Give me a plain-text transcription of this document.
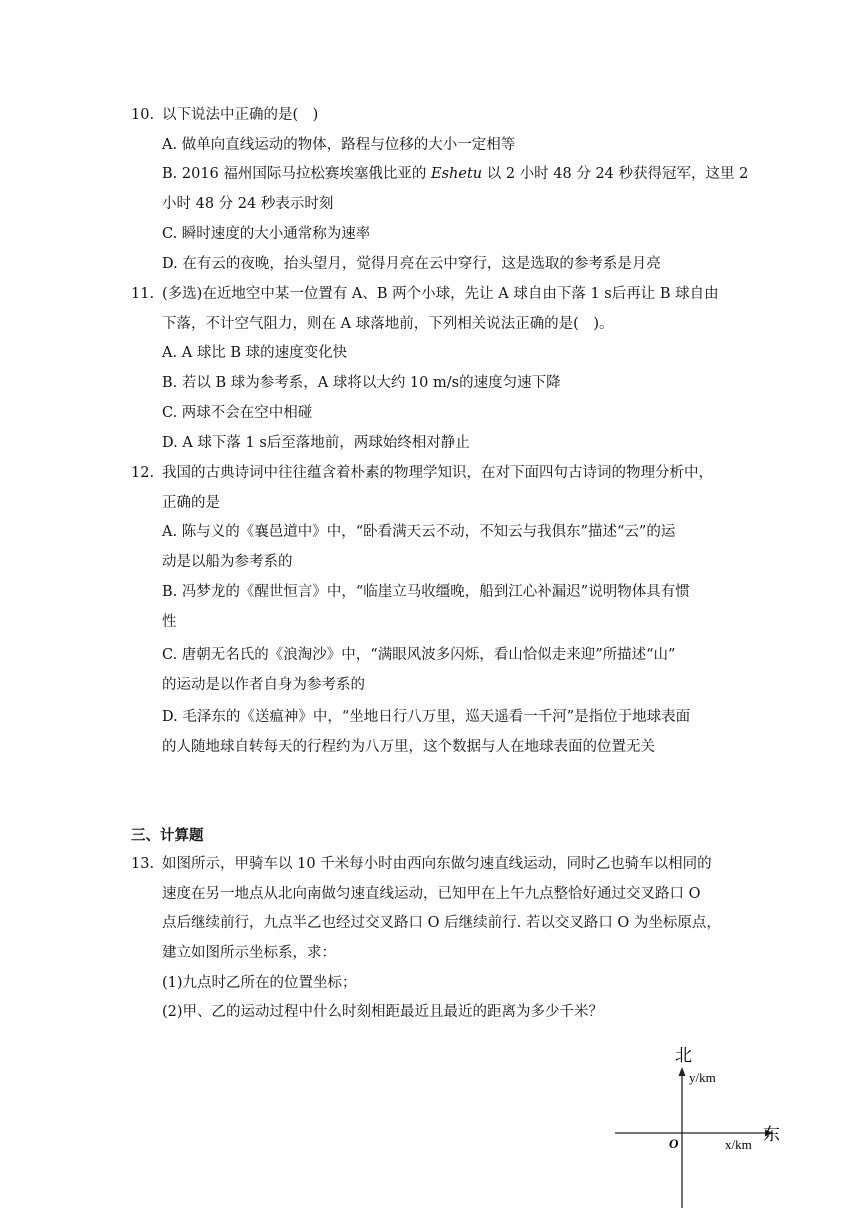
10. 以下说法中正确的是(　)
A. 做单向直线运动的物体，路程与位移的大小一定相等
B. 2016 福州国际马拉松赛埃塞俄比亚的 Eshetu 以 2 小时 48 分 24 秒获得冠军，这里 2
小时 48 分 24 秒表示时刻
C. 瞬时速度的大小通常称为速率
D. 在有云的夜晚，抬头望月，觉得月亮在云中穿行，这是选取的参考系是月亮
11. (多选)在近地空中某一位置有 A、B 两个小球，先让 A 球自由下落 1 s后再让 B 球自由
下落，不计空气阻力，则在 A 球落地前，下列相关说法正确的是(　)。
A. A 球比 B 球的速度变化快
B. 若以 B 球为参考系，A 球将以大约 10 m/s的速度匀速下降
C. 两球不会在空中相碰
D. A 球下落 1 s后至落地前，两球始终相对静止
12. 我国的古典诗词中往往蕴含着朴素的物理学知识，在对下面四句古诗词的物理分析中，
正确的是
A. 陈与义的《襄邑道中》中，“卧看满天云不动，不知云与我俱东”描述“云”的运
动是以船为参考系的
B. 冯梦龙的《醒世恒言》中，“临崖立马收缰晚，船到江心补漏迟”说明物体具有惯
性
C. 唐朝无名氏的《浪淘沙》中，“满眼风波多闪烁，看山恰似走来迎”所描述“山”
的运动是以作者自身为参考系的
D. 毛泽东的《送瘟神》中，“坐地日行八万里，巡天遥看一千河”是指位于地球表面
的人随地球自转每天的行程约为八万里，这个数据与人在地球表面的位置无关
三、计算题
13. 如图所示，甲骑车以 10 千米每小时由西向东做匀速直线运动，同时乙也骑车以相同的
速度在另一地点从北向南做匀速直线运动，已知甲在上午九点整恰好通过交叉路口 O
点后继续前行，九点半乙也经过交叉路口 O 后继续前行. 若以交叉路口 O 为坐标原点，
建立如图所示坐标系，求：
(1)九点时乙所在的位置坐标；
(2)甲、乙的运动过程中什么时刻相距最近且最近的距离为多少千米？
北
东
y/km
x/km
O
